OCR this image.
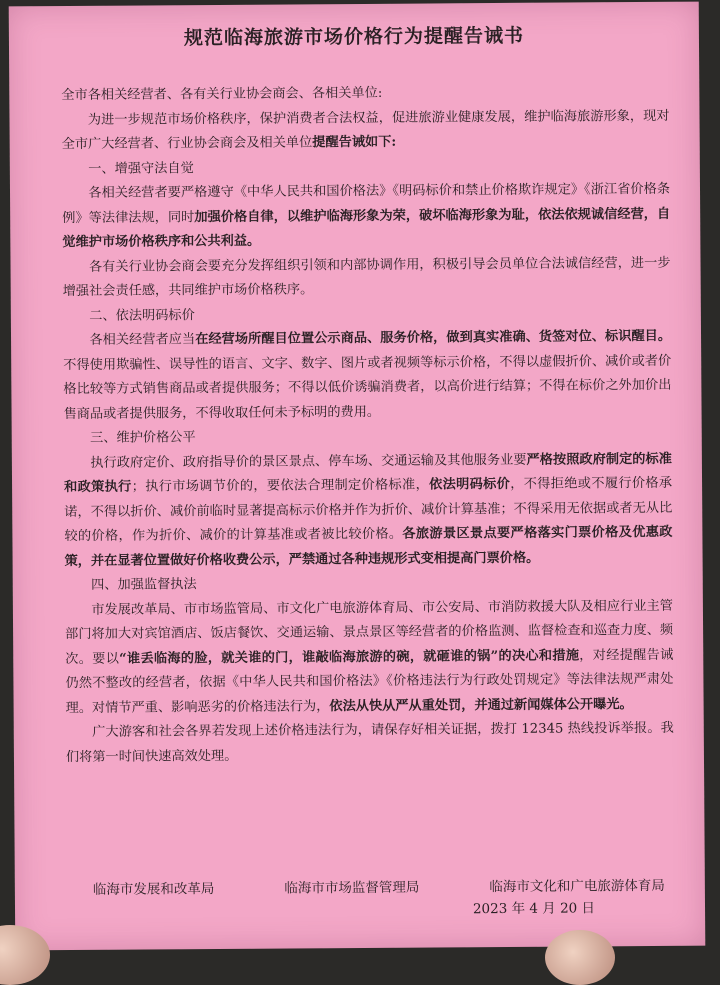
规范临海旅游市场价格行为提醒告诫书

全市各相关经营者、各有关行业协会商会、各相关单位:

为进一步规范市场价格秩序，保护消费者合法权益，促进旅游业健康发展，维护临海旅游形象，现对全市广大经营者、行业协会商会及相关单位提醒告诫如下:

一、增强守法自觉

各相关经营者要严格遵守《中华人民共和国价格法》《明码标价和禁止价格欺诈规定》《浙江省价格条例》等法律法规，同时加强价格自律，以维护临海形象为荣，破坏临海形象为耻，依法依规诚信经营，自觉维护市场价格秩序和公共利益。

各有关行业协会商会要充分发挥组织引领和内部协调作用，积极引导会员单位合法诚信经营，进一步增强社会责任感，共同维护市场价格秩序。

二、依法明码标价

各相关经营者应当在经营场所醒目位置公示商品、服务价格，做到真实准确、货签对位、标识醒目。不得使用欺骗性、误导性的语言、文字、数字、图片或者视频等标示价格，不得以虚假折价、减价或者价格比较等方式销售商品或者提供服务；不得以低价诱骗消费者，以高价进行结算；不得在标价之外加价出售商品或者提供服务，不得收取任何未予标明的费用。

三、维护价格公平

执行政府定价、政府指导价的景区景点、停车场、交通运输及其他服务业要严格按照政府制定的标准和政策执行；执行市场调节价的，要依法合理制定价格标准，依法明码标价，不得拒绝或不履行价格承诺，不得以折价、减价前临时显著提高标示价格并作为折价、减价计算基准；不得采用无依据或者无从比较的价格，作为折价、减价的计算基准或者被比较价格。各旅游景区景点要严格落实门票价格及优惠政策，并在显著位置做好价格收费公示，严禁通过各种违规形式变相提高门票价格。

四、加强监督执法

市发展改革局、市市场监管局、市文化广电旅游体育局、市公安局、市消防救援大队及相应行业主管部门将加大对宾馆酒店、饭店餐饮、交通运输、景点景区等经营者的价格监测、监督检查和巡查力度、频次。要以“谁丢临海的脸，就关谁的门，谁敲临海旅游的碗，就砸谁的锅”的决心和措施，对经提醒告诫仍然不整改的经营者，依据《中华人民共和国价格法》《价格违法行为行政处罚规定》等法律法规严肃处理。对情节严重、影响恶劣的价格违法行为，依法从快从严从重处罚，并通过新闻媒体公开曝光。

广大游客和社会各界若发现上述价格违法行为，请保存好相关证据，拨打 12345 热线投诉举报。我们将第一时间快速高效处理。

临海市发展和改革局	临海市市场监督管理局	临海市文化和广电旅游体育局
2023 年 4 月 20 日
